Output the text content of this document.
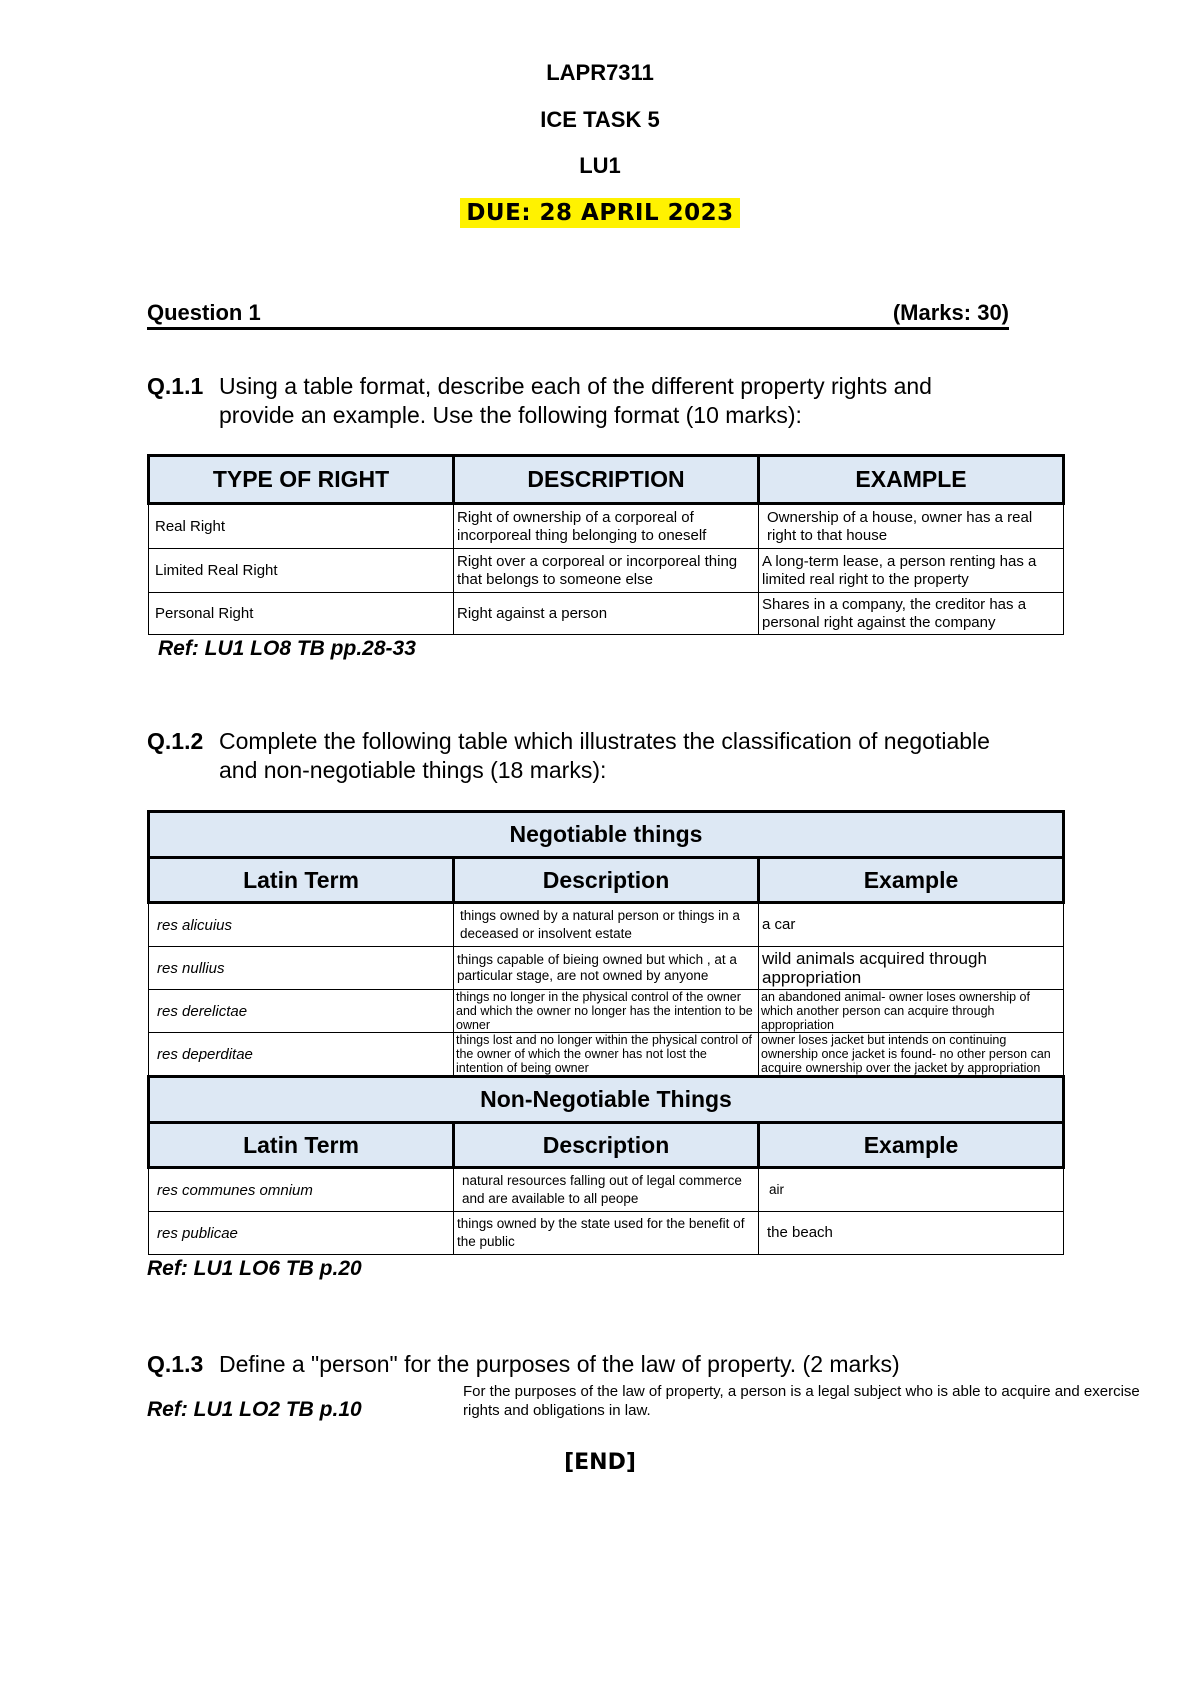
LAPR7311
ICE TASK 5
LU1
DUE: 28 APRIL 2023
Question 1	(Marks: 30)
Q.1.1 Using a table format, describe each of the different property rights and
provide an example. Use the following format (10 marks):
TYPE OF RIGHT	DESCRIPTION	EXAMPLE
Real Right	Right of ownership of a corporeal of incorporeal thing belonging to oneself	Ownership of a house, owner has a real right to that house
Limited Real Right	Right over a corporeal or incorporeal thing that belongs to someone else	A long-term lease, a person renting has a limited real right to the property
Personal Right	Right against a person	Shares in a company, the creditor has a personal right against the company
Ref: LU1 LO8 TB pp.28-33
Q.1.2 Complete the following table which illustrates the classification of negotiable
and non-negotiable things (18 marks):
Negotiable things		
Latin Term	Description	Example
res alicuius	things owned by a natural person or things in a deceased or insolvent estate	a car
res nullius	things capable of bieing owned but which , at a particular stage, are not owned by anyone	wild animals acquired through appropriation
res derelictae	things no longer in the physical control of the owner and which the owner no longer has the intention to be owner	an abandoned animal- owner loses ownership of which another person can acquire through appropriation
res deperditae	things lost and no longer within the physical control of the owner of which the owner has not lost the intention of being owner	owner loses jacket but intends on continuing ownership once jacket is found- no other person can acquire ownership over the jacket by appropriation
Non-Negotiable Things		
Latin Term	Description	Example
res communes omnium	natural resources falling out of legal commerce and are available to all peope	air
res publicae	things owned by the state used for the benefit of the public	the beach
Ref: LU1 LO6 TB p.20
Q.1.3 Define a "person" for the purposes of the law of property. (2 marks)
Ref: LU1 LO2 TB p.10
For the purposes of the law of property, a person is a legal subject who is able to acquire and exercise rights and obligations in law.
[END]
